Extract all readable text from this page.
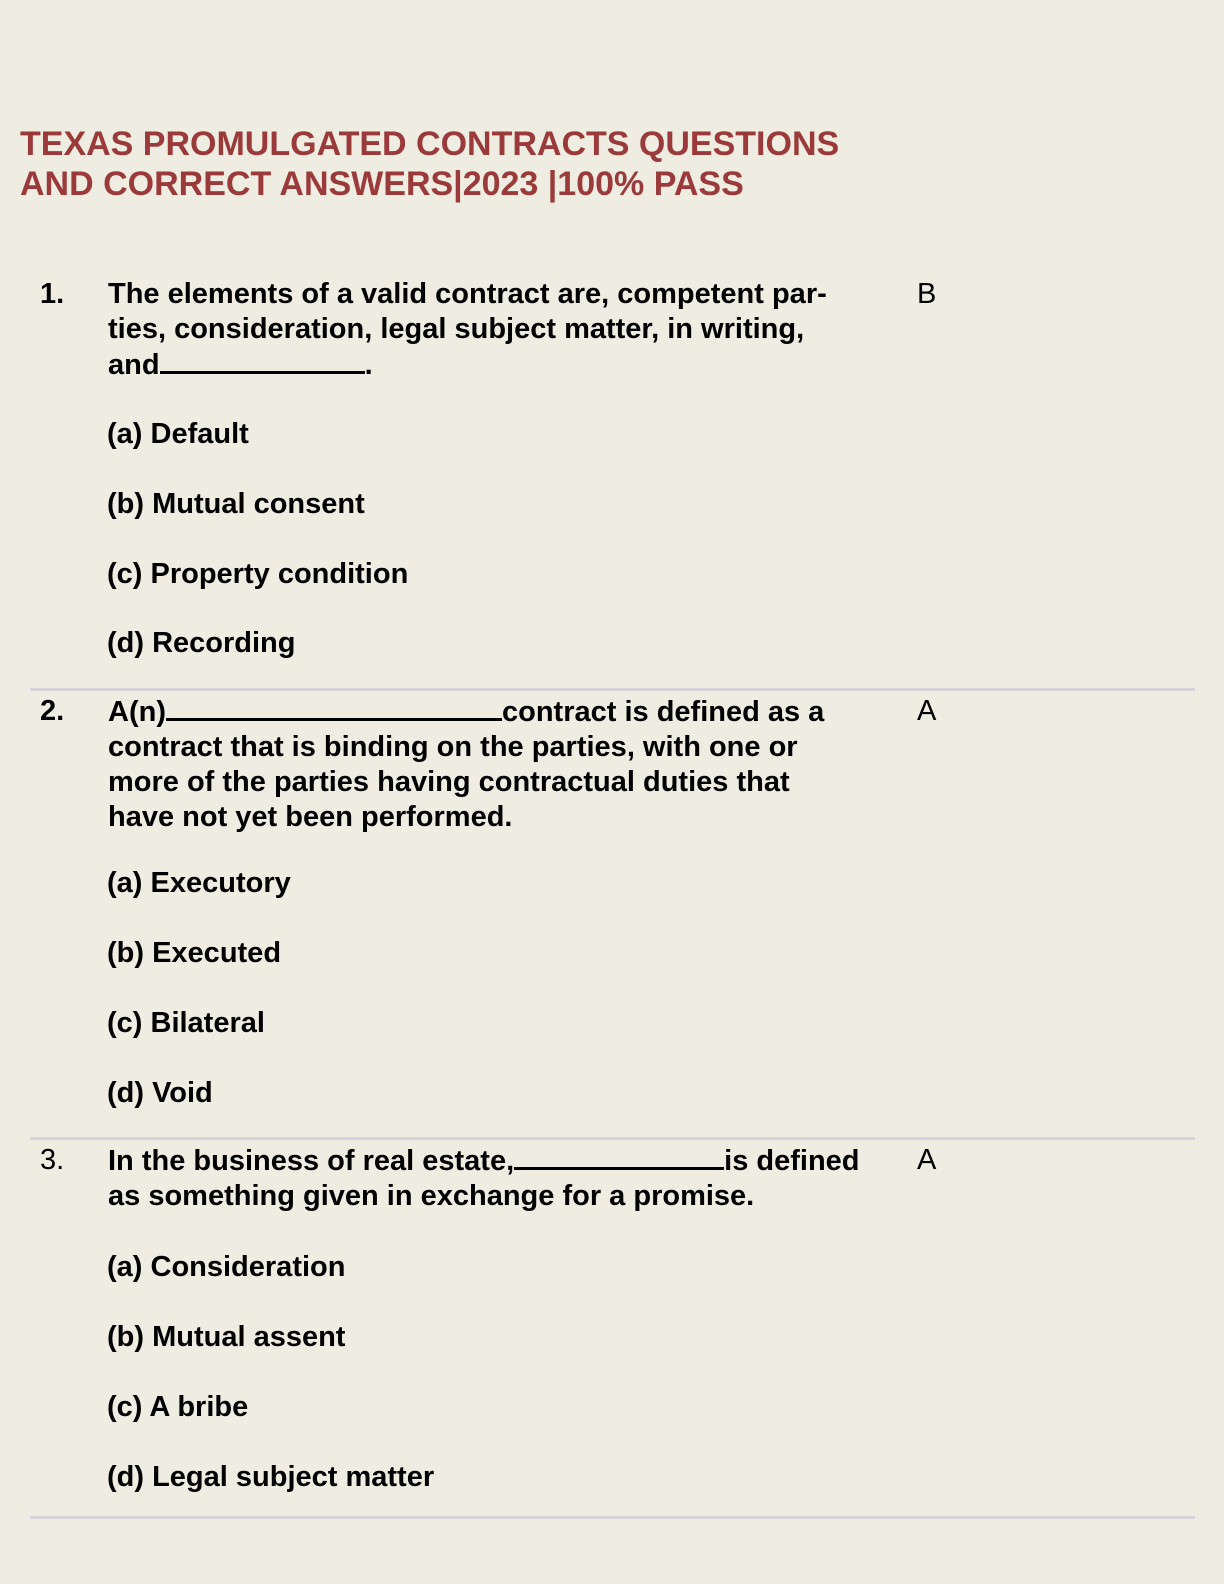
TEXAS PROMULGATED CONTRACTS QUESTIONS
AND CORRECT ANSWERS|2023 |100% PASS
1. The elements of a valid contract are, competent par-
ties, consideration, legal subject matter, in writing,
and	.
B
(a) Default
(b) Mutual consent
(c) Property condition
(d) Recording
2. A(n)	contract is defined as a
contract that is binding on the parties, with one or
more of the parties having contractual duties that
have not yet been performed.
A
(a) Executory
(b) Executed
(c) Bilateral
(d) Void
3. In the business of real estate,	is defined
as something given in exchange for a promise.
A
(a) Consideration
(b) Mutual assent
(c) A bribe
(d) Legal subject matter
